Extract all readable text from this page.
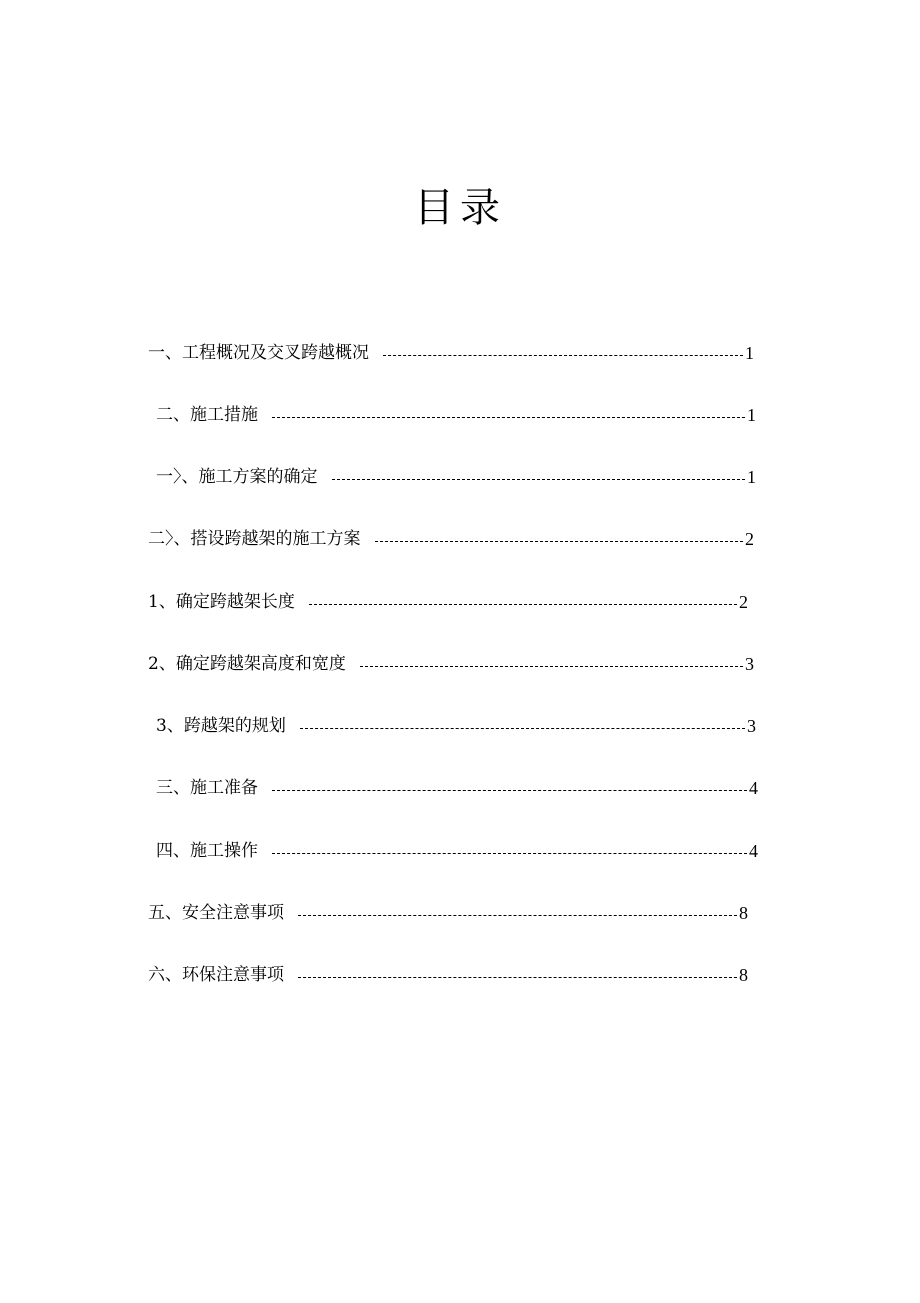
目录
一、工程概况及交叉跨越概况	1
二、施工措施	1
一〉、施工方案的确定	1
二〉、搭设跨越架的施工方案	2
1、确定跨越架长度	2
2、确定跨越架高度和宽度	3
3、跨越架的规划	3
三、施工准备	4
四、施工操作	4
五、安全注意事项	8
六、环保注意事项	8
